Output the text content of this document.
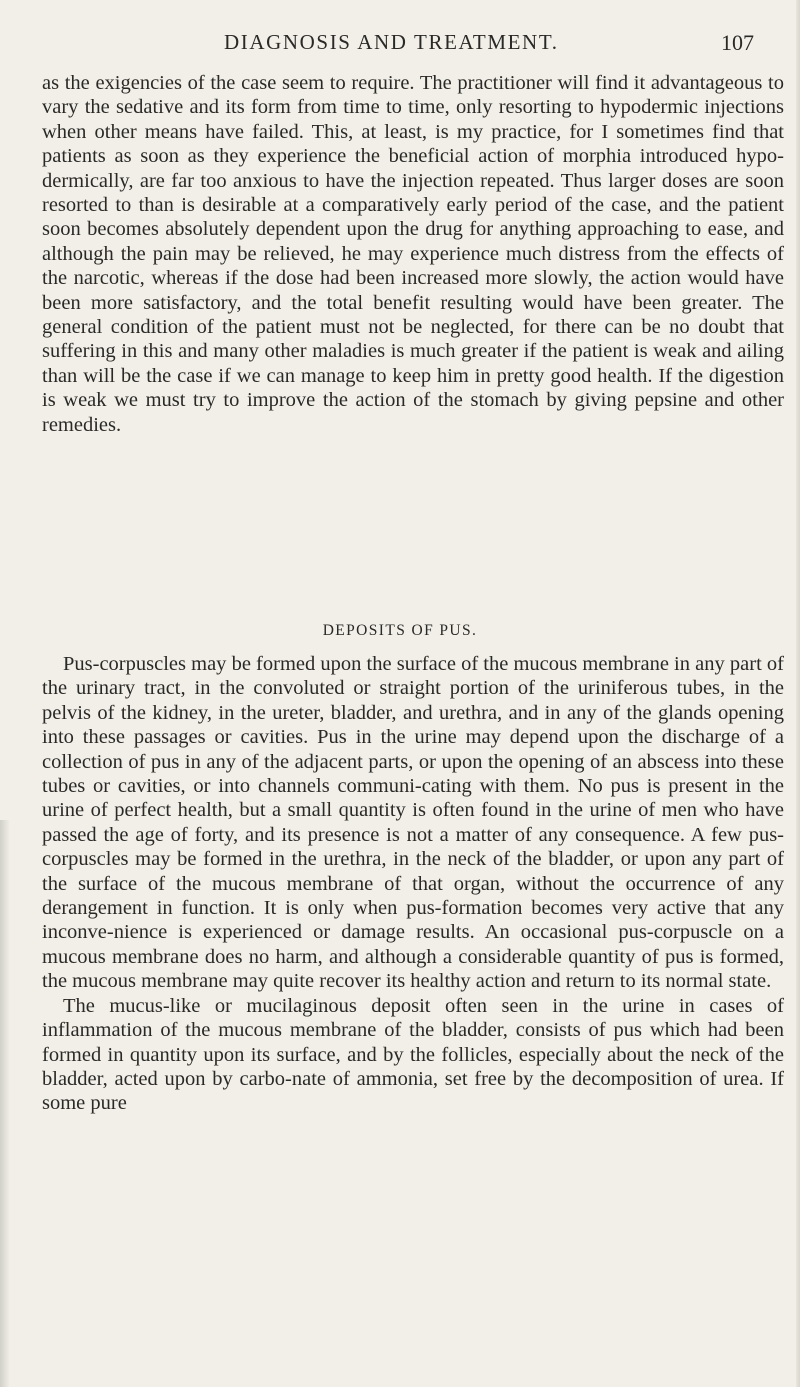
DIAGNOSIS AND TREATMENT.	107

as the exigencies of the case seem to require. The practitioner will find it advantageous to vary the sedative and its form from time to time, only resorting to hypodermic injections when other means have failed. This, at least, is my practice, for I sometimes find that patients as soon as they experience the beneficial action of morphia introduced hypo-dermically, are far too anxious to have the injection repeated. Thus larger doses are soon resorted to than is desirable at a comparatively early period of the case, and the patient soon becomes absolutely dependent upon the drug for anything approaching to ease, and although the pain may be relieved, he may experience much distress from the effects of the narcotic, whereas if the dose had been increased more slowly, the action would have been more satisfactory, and the total benefit resulting would have been greater. The general condition of the patient must not be neglected, for there can be no doubt that suffering in this and many other maladies is much greater if the patient is weak and ailing than will be the case if we can manage to keep him in pretty good health. If the digestion is weak we must try to improve the action of the stomach by giving pepsine and other remedies.

DEPOSITS OF PUS.

Pus-corpuscles may be formed upon the surface of the mucous membrane in any part of the urinary tract, in the convoluted or straight portion of the uriniferous tubes, in the pelvis of the kidney, in the ureter, bladder, and urethra, and in any of the glands opening into these passages or cavities. Pus in the urine may depend upon the discharge of a collection of pus in any of the adjacent parts, or upon the opening of an abscess into these tubes or cavities, or into channels communi-cating with them. No pus is present in the urine of perfect health, but a small quantity is often found in the urine of men who have passed the age of forty, and its presence is not a matter of any consequence. A few pus-corpuscles may be formed in the urethra, in the neck of the bladder, or upon any part of the surface of the mucous membrane of that organ, without the occurrence of any derangement in function. It is only when pus-formation becomes very active that any inconve-nience is experienced or damage results. An occasional pus-corpuscle on a mucous membrane does no harm, and although a considerable quantity of pus is formed, the mucous membrane may quite recover its healthy action and return to its normal state.

The mucus-like or mucilaginous deposit often seen in the urine in cases of inflammation of the mucous membrane of the bladder, consists of pus which had been formed in quantity upon its surface, and by the follicles, especially about the neck of the bladder, acted upon by carbo-nate of ammonia, set free by the decomposition of urea. If some pure
